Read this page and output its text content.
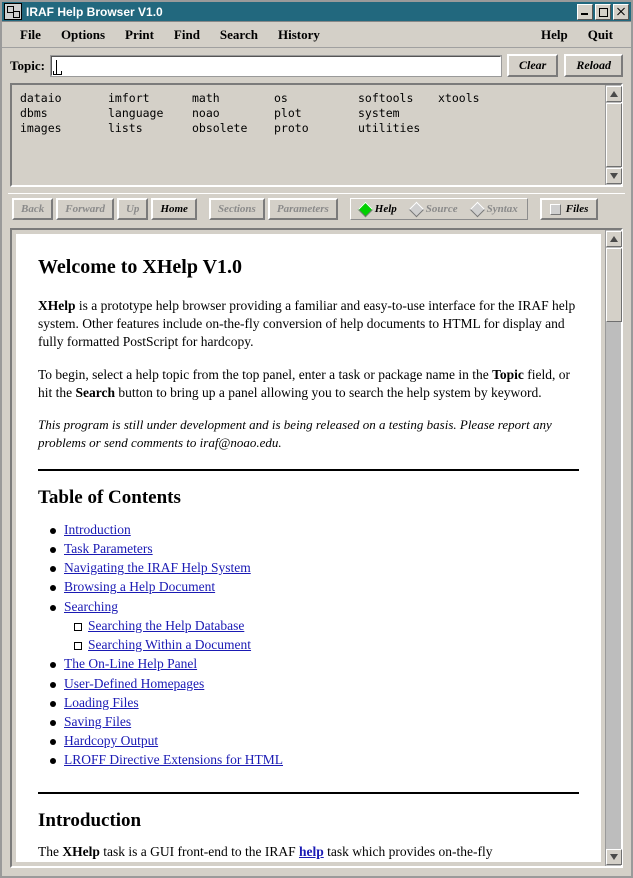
IRAF Help Browser V1.0
File	Options	Print	Find	Search	History	Help	Quit
Topic:	Clear	Reload
dataio	imfort	math	os	softools	xtools
dbms	language	noao	plot	system
images	lists	obsolete	proto	utilities
Back	Forward	Up	Home	Sections	Parameters	Help	Source	Syntax	Files
Welcome to XHelp V1.0

XHelp is a prototype help browser providing a familiar and easy-to-use interface for the IRAF help system. Other features include on-the-fly conversion of help documents to HTML for display and fully formatted PostScript for hardcopy.

To begin, select a help topic from the top panel, enter a task or package name in the Topic field, or hit the Search button to bring up a panel allowing you to search the help system by keyword.

This program is still under development and is being released on a testing basis. Please report any problems or send comments to iraf@noao.edu.

Table of Contents
Introduction
Task Parameters
Navigating the IRAF Help System
Browsing a Help Document
Searching
Searching the Help Database
Searching Within a Document
The On-Line Help Panel
User-Defined Homepages
Loading Files
Saving Files
Hardcopy Output
LROFF Directive Extensions for HTML
Introduction

The XHelp task is a GUI front-end to the IRAF help task which provides on-the-fly
